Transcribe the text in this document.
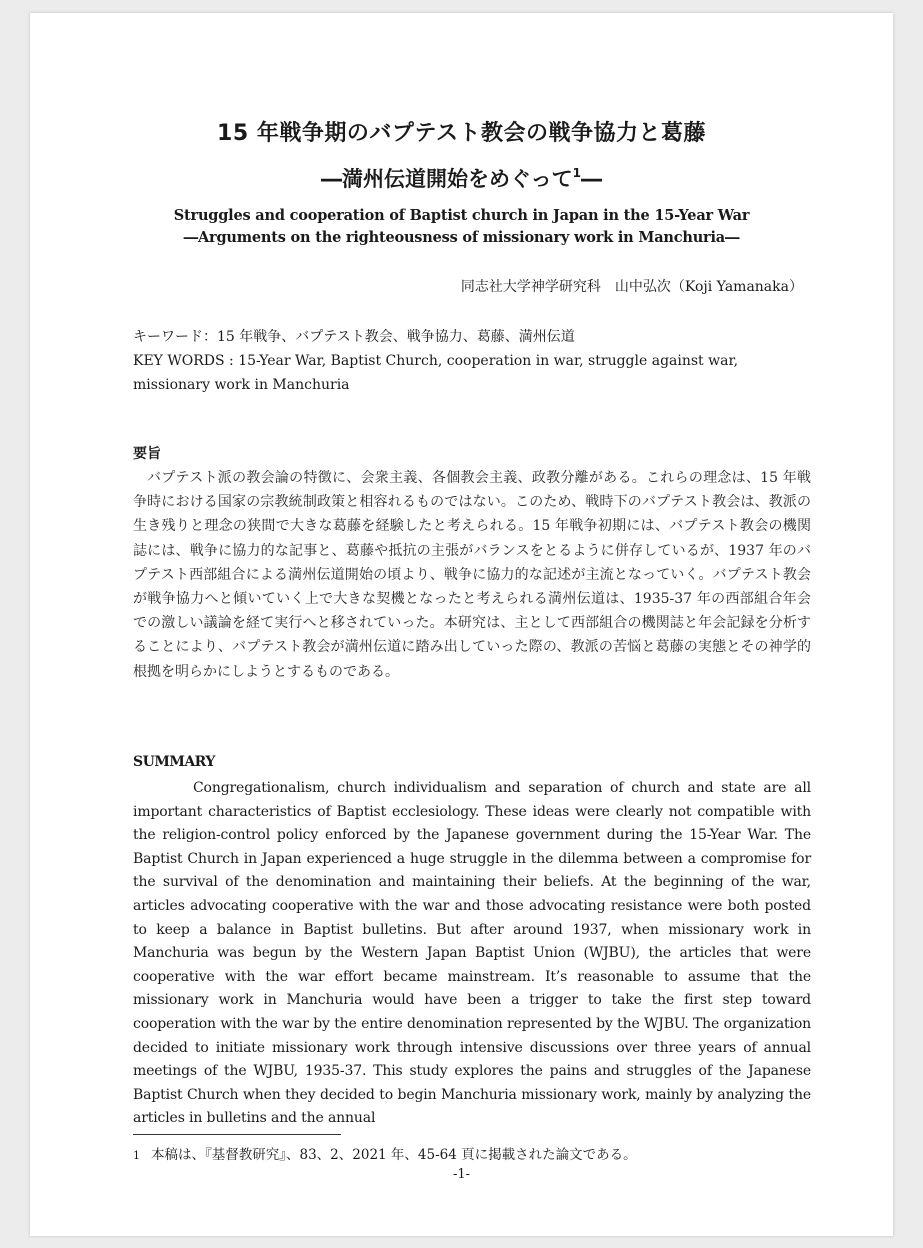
15 年戦争期のバプテスト教会の戦争協力と葛藤
―満州伝道開始をめぐって$^1$―
Struggles and cooperation of Baptist church in Japan in the 15-Year War
―Arguments on the righteousness of missionary work in Manchuria―
同志社大学神学研究科　山中弘次（Koji Yamanaka）
キーワード：15 年戦争、バプテスト教会、戦争協力、葛藤、満州伝道
KEY WORDS : 15-Year War, Baptist Church, cooperation in war, struggle against war, missionary work in Manchuria
要旨
バプテスト派の教会論の特徴に、会衆主義、各個教会主義、政教分離がある。これらの理念は、15 年戦争時における国家の宗教統制政策と相容れるものではない。このため、戦時下のバプテスト教会は、教派の生き残りと理念の狭間で大きな葛藤を経験したと考えられる。15 年戦争初期には、バプテスト教会の機関誌には、戦争に協力的な記事と、葛藤や抵抗の主張がバランスをとるように併存しているが、1937 年のバプテスト西部組合による満州伝道開始の頃より、戦争に協力的な記述が主流となっていく。バプテスト教会が戦争協力へと傾いていく上で大きな契機となったと考えられる満州伝道は、1935-37 年の西部組合年会での激しい議論を経て実行へと移されていった。本研究は、主として西部組合の機関誌と年会記録を分析することにより、バプテスト教会が満州伝道に踏み出していった際の、教派の苦悩と葛藤の実態とその神学的根拠を明らかにしようとするものである。
SUMMARY
Congregationalism, church individualism and separation of church and state are all important characteristics of Baptist ecclesiology. These ideas were clearly not compatible with the religion-control policy enforced by the Japanese government during the 15-Year War. The Baptist Church in Japan experienced a huge struggle in the dilemma between a compromise for the survival of the denomination and maintaining their beliefs. At the beginning of the war, articles advocating cooperative with the war and those advocating resistance were both posted to keep a balance in Baptist bulletins. But after around 1937, when missionary work in Manchuria was begun by the Western Japan Baptist Union (WJBU), the articles that were cooperative with the war effort became mainstream. It’s reasonable to assume that the missionary work in Manchuria would have been a trigger to take the first step toward cooperation with the war by the entire denomination represented by the WJBU. The organization decided to initiate missionary work through intensive discussions over three years of annual meetings of the WJBU, 1935-37. This study explores the pains and struggles of the Japanese Baptist Church when they decided to begin Manchuria missionary work, mainly by analyzing the articles in bulletins and the annual
1 本稿は、『基督教研究』、83、2、2021 年、45-64 頁に掲載された論文である。
-1-
